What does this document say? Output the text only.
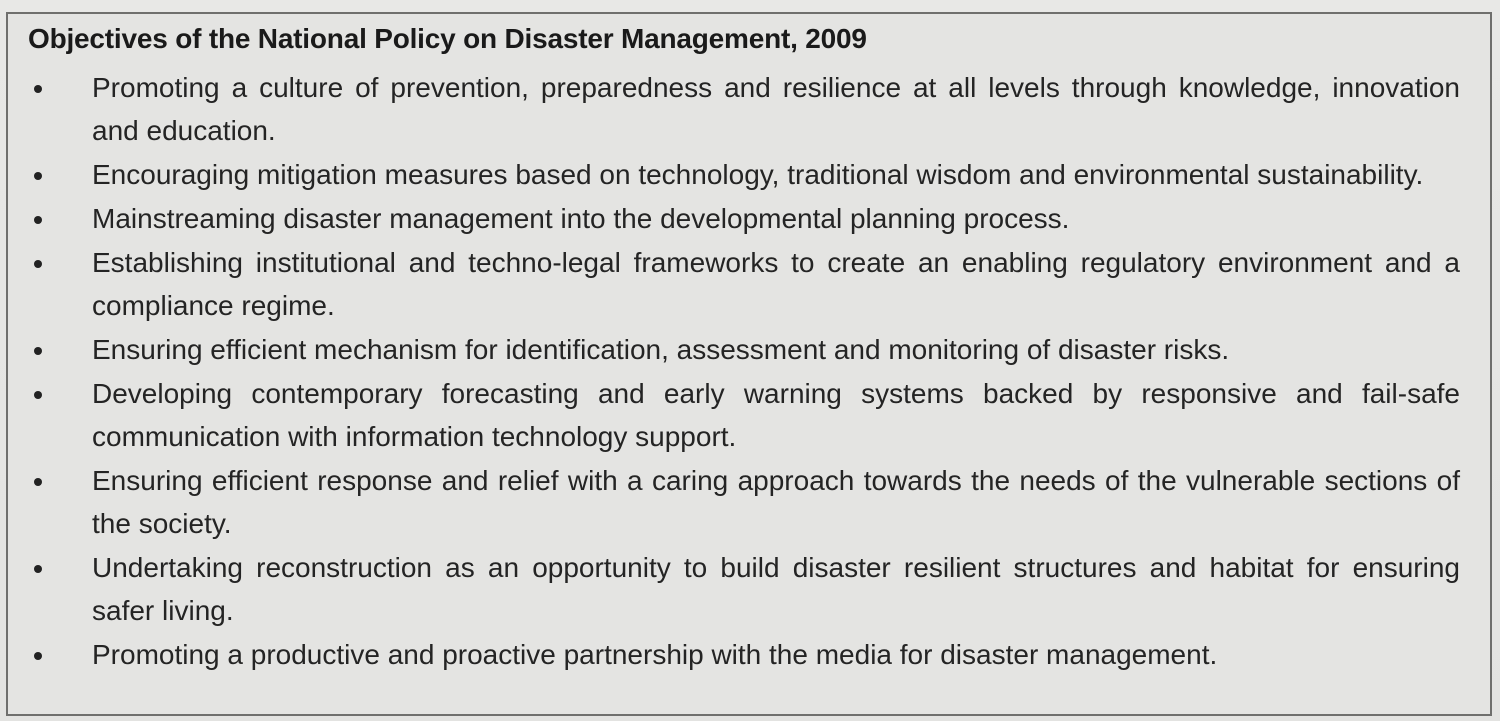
Objectives of the National Policy on Disaster Management, 2009
Promoting a culture of prevention, preparedness and resilience at all levels through knowledge, innovation and education.
Encouraging mitigation measures based on technology, traditional wisdom and environmental sustainability.
Mainstreaming disaster management into the developmental planning process.
Establishing institutional and techno-legal frameworks to create an enabling regulatory environment and a compliance regime.
Ensuring efficient mechanism for identification, assessment and monitoring of disaster risks.
Developing contemporary forecasting and early warning systems backed by responsive and fail-safe communication with information technology support.
Ensuring efficient response and relief with a caring approach towards the needs of the vulnerable sections of the society.
Undertaking reconstruction as an opportunity to build disaster resilient structures and habitat for ensuring safer living.
Promoting a productive and proactive partnership with the media for disaster management.
